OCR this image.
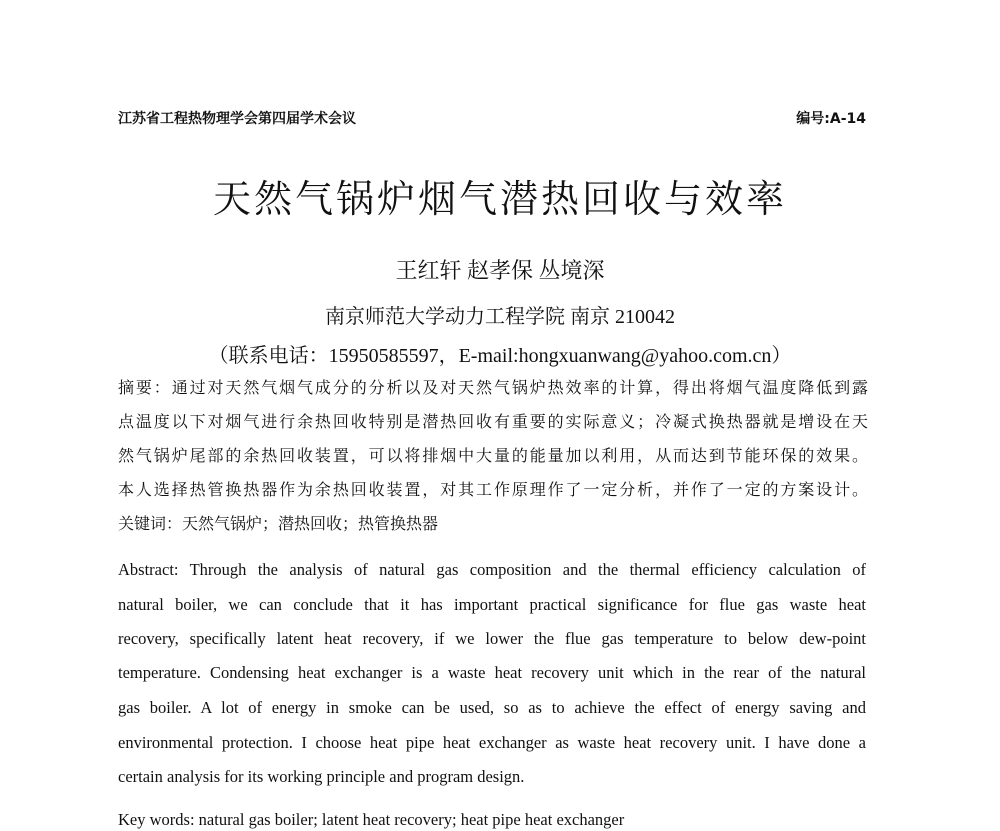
江苏省工程热物理学会第四届学术会议	编号:A-14
天然气锅炉烟气潜热回收与效率
王红轩 赵孝保 丛境深
南京师范大学动力工程学院 南京 210042
（联系电话：15950585597，E-mail:hongxuanwang@yahoo.com.cn）
摘要：通过对天然气烟气成分的分析以及对天然气锅炉热效率的计算，得出将烟气温度降低到露
点温度以下对烟气进行余热回收特别是潜热回收有重要的实际意义；冷凝式换热器就是增设在天
然气锅炉尾部的余热回收装置，可以将排烟中大量的能量加以利用，从而达到节能环保的效果。
本人选择热管换热器作为余热回收装置，对其工作原理作了一定分析，并作了一定的方案设计。
关键词：天然气锅炉；潜热回收；热管换热器
Abstract: Through the analysis of natural gas composition and the thermal efficiency calculation of
natural boiler, we can conclude that it has important practical significance for flue gas waste heat
recovery, specifically latent heat recovery, if we lower the flue gas temperature to below dew-point
temperature. Condensing heat exchanger is a waste heat recovery unit which in the rear of the natural
gas boiler. A lot of energy in smoke can be used, so as to achieve the effect of energy saving and
environmental protection. I choose heat pipe heat exchanger as waste heat recovery unit. I have done a
certain analysis for its working principle and program design.
Key words: natural gas boiler; latent heat recovery; heat pipe heat exchanger
